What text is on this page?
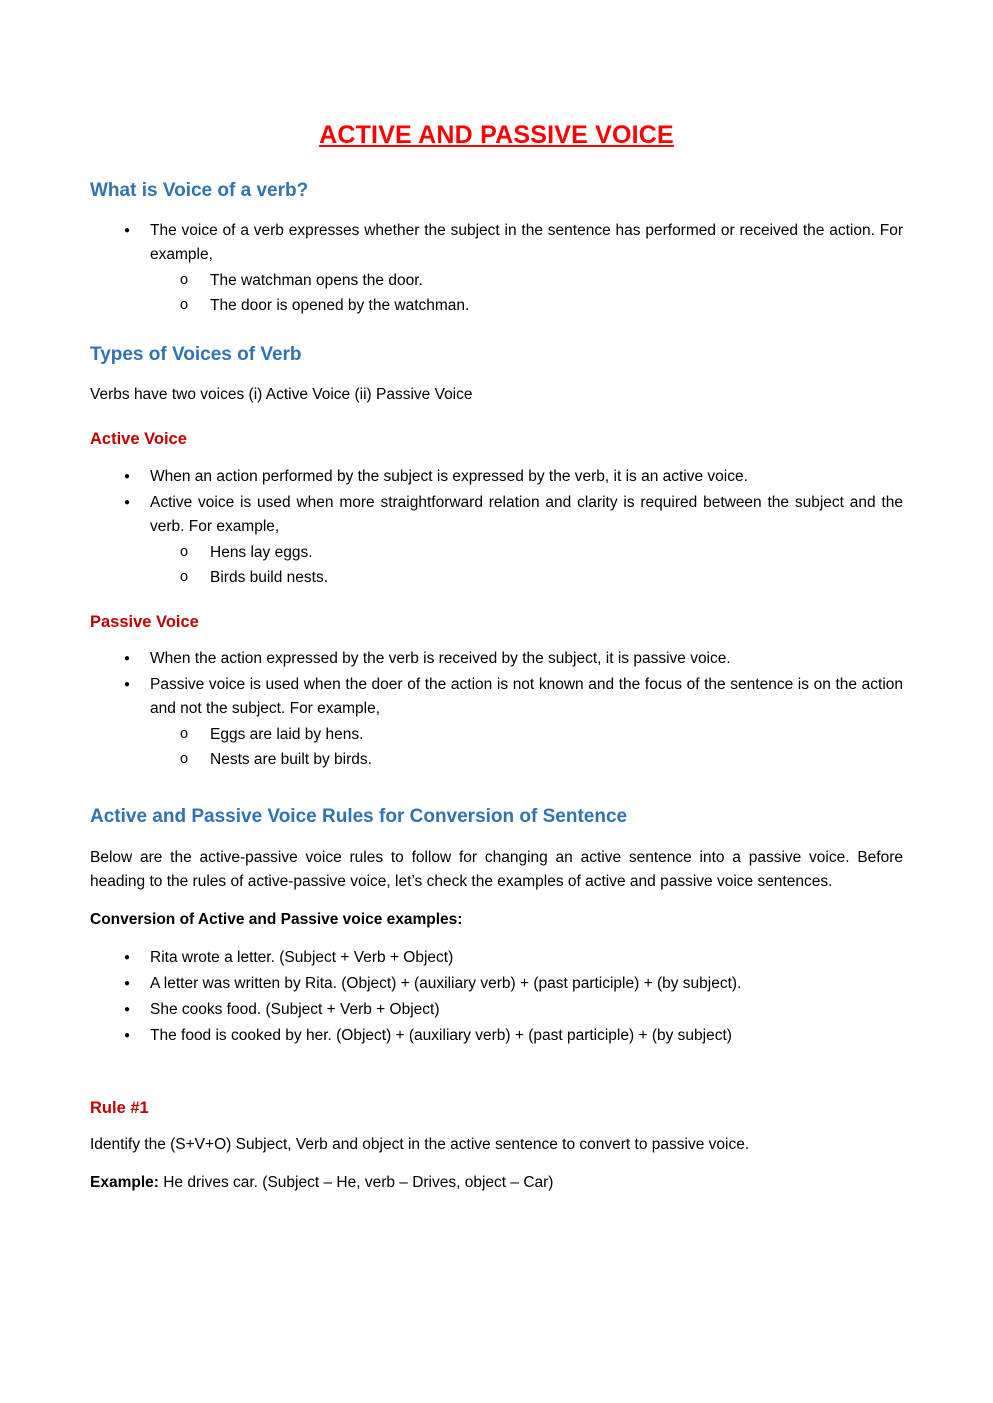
ACTIVE AND PASSIVE VOICE
What is Voice of a verb?
●	The voice of a verb expresses whether the subject in the sentence has performed or received the action. For example,
o	The watchman opens the door.
o	The door is opened by the watchman.
Types of Voices of Verb
Verbs have two voices (i) Active Voice (ii) Passive Voice
Active Voice
●	When an action performed by the subject is expressed by the verb, it is an active voice.
●	Active voice is used when more straightforward relation and clarity is required between the subject and the verb. For example,
o	Hens lay eggs.
o	Birds build nests.
Passive Voice
●	When the action expressed by the verb is received by the subject, it is passive voice.
●	Passive voice is used when the doer of the action is not known and the focus of the sentence is on the action and not the subject. For example,
o	Eggs are laid by hens.
o	Nests are built by birds.
Active and Passive Voice Rules for Conversion of Sentence
Below are the active-passive voice rules to follow for changing an active sentence into a passive voice. Before heading to the rules of active-passive voice, let’s check the examples of active and passive voice sentences.
Conversion of Active and Passive voice examples:
●	Rita wrote a letter. (Subject + Verb + Object)
●	A letter was written by Rita. (Object) + (auxiliary verb) + (past participle) + (by subject).
●	She cooks food. (Subject + Verb + Object)
●	The food is cooked by her. (Object) + (auxiliary verb) + (past participle) + (by subject)
Rule #1
Identify the (S+V+O) Subject, Verb and object in the active sentence to convert to passive voice.
Example: He drives car. (Subject – He, verb – Drives, object – Car)
